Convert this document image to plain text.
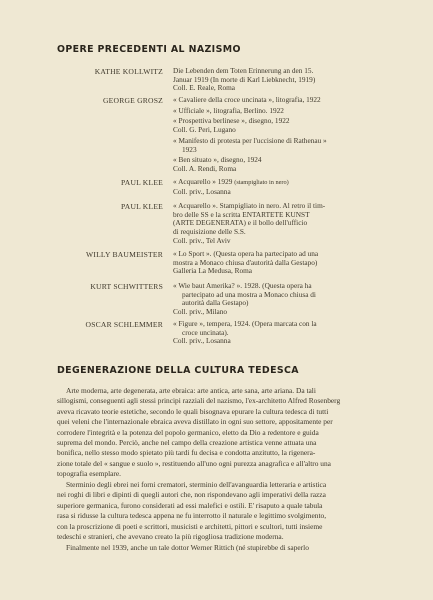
OPERE PRECEDENTI AL NAZISMO
KATHE KOLLWITZ Die Lebenden dem Toten Erinnerung an den 15.
Januar 1919 (In morte di Karl Liebknecht, 1919)
Coll. E. Reale, Roma
GEORGE GROSZ « Cavaliere della croce uncinata », litografia, 1922
« Ufficiale », litografia, Berlino. 1922
« Prospettiva berlinese », disegno, 1922
Coll. G. Peri, Lugano
« Manifesto di protesta per l'uccisione di Rathenau »
1923
« Ben situato », disegno, 1924
Coll. A. Rendi, Roma
PAUL KLEE « Acquarello » 1929 (stampigliato in nero)
Coll. priv., Losanna
PAUL KLEE « Acquarello ». Stampigliato in nero. Al retro il tim-
bro delle SS e la scritta ENTARTETE KUNST
(ARTE DEGENERATA) e il bollo dell'ufficio
di requisizione delle S.S.
Coll. priv., Tel Aviv
WILLY BAUMEISTER « Lo Sport ». (Questa opera ha partecipato ad una
mostra a Monaco chiusa d'autorità dalla Gestapo)
Galleria La Medusa, Roma
KURT SCHWITTERS « Wie baut Amerika? ». 1928. (Questa opera ha
partecipato ad una mostra a Monaco chiusa di
autorità dalla Gestapo)
Coll. priv., Milano
OSCAR SCHLEMMER « Figure », tempera, 1924. (Opera marcata con la
croce uncinata).
Coll. priv., Losanna
DEGENERAZIONE DELLA CULTURA TEDESCA
Arte moderna, arte degenerata, arte ebraica: arte antica, arte sana, arte ariana. Da tali
sillogismi, conseguenti agli stessi principi razziali del nazismo, l'ex-architetto Alfred Rosenberg
aveva ricavato teorie estetiche, secondo le quali bisognava epurare la cultura tedesca di tutti
quei veleni che l'internazionale ebraica aveva distillato in ogni suo settore, appositamente per
corrodere l'integrità e la potenza del popolo germanico, eletto da Dio a redentore e guida
suprema del mondo. Perciò, anche nel campo della creazione artistica venne attuata una
bonifica, nello stesso modo spietato più tardi fu decisa e condotta anzitutto, la rigenera-
zione totale del « sangue e suolo », restituendo all'uno ogni purezza anagrafica e all'altro una
topografia esemplare.
Sterminio degli ebrei nei forni crematori, sterminio dell'avanguardia letteraria e artistica
nei roghi di libri e dipinti di quegli autori che, non rispondevano agli imperativi della razza
superiore germanica, furono considerati ad essi malefici e ostili. E' risaputo a quale tabula
rasa si ridusse la cultura tedesca appena ne fu interrotto il naturale e legittimo svolgimento,
con la proscrizione di poeti e scrittori, musicisti e architetti, pittori e scultori, tutti insieme
tedeschi e stranieri, che avevano creato la più rigogliosa tradizione moderna.
Finalmente nel 1939, anche un tale dottor Werner Rittich (né stupirebbe di saperlo
